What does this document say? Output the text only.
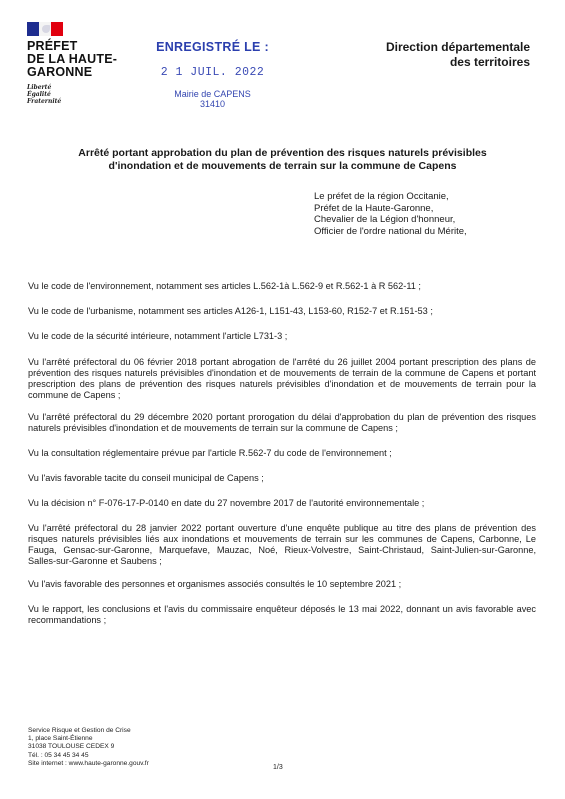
PRÉFET
DE LA HAUTE-
GARONNE
Liberté
Égalité
Fraternité
ENREGISTRÉ LE :
2 1 JUIL. 2022
Mairie de CAPENS
31410
Direction départementale
des territoires
Arrêté portant approbation du plan de prévention des risques naturels prévisibles
d'inondation et de mouvements de terrain sur la commune de Capens
Le préfet de la région Occitanie,
Préfet de la Haute-Garonne,
Chevalier de la Légion d'honneur,
Officier de l'ordre national du Mérite,

Vu le code de l'environnement, notamment ses articles L.562-1à L.562-9 et R.562-1 à R 562-11 ;

Vu le code de l'urbanisme, notamment ses articles A126-1, L151-43, L153-60, R152-7 et R.151-53 ;

Vu le code de la sécurité intérieure, notamment l'article L731-3 ;

Vu l'arrêté préfectoral du 06 février 2018 portant abrogation de l'arrêté du 26 juillet 2004 portant prescription des plans de prévention des risques naturels prévisibles d'inondation et de mouvements de terrain de la commune de Capens et portant prescription des plans de prévention des risques naturels prévisibles d'inondation et de mouvements de terrain pour la commune de Capens ;

Vu l'arrêté préfectoral du 29 décembre 2020 portant prorogation du délai d'approbation du plan de prévention des risques naturels prévisibles d'inondation et de mouvements de terrain sur la commune de Capens ;

Vu la consultation réglementaire prévue par l'article R.562-7 du code de l'environnement ;

Vu l'avis favorable tacite du conseil municipal de Capens ;

Vu la décision n° F-076-17-P-0140 en date du 27 novembre 2017 de l'autorité environnementale ;

Vu l'arrêté préfectoral du 28 janvier 2022 portant ouverture d'une enquête publique au titre des plans de prévention des risques naturels prévisibles liés aux inondations et mouvements de terrain sur les communes de Capens, Carbonne, Le Fauga, Gensac-sur-Garonne, Marquefave, Mauzac, Noé, Rieux-Volvestre, Saint-Christaud, Saint-Julien-sur-Garonne, Salles-sur-Garonne et Saubens ;

Vu l'avis favorable des personnes et organismes associés consultés le 10 septembre 2021 ;

Vu le rapport, les conclusions et l'avis du commissaire enquêteur déposés le 13 mai 2022, donnant un avis favorable avec recommandations ;

Service Risque et Gestion de Crise
1, place Saint-Étienne
31038 TOULOUSE CEDEX 9
Tél. : 05 34 45 34 45
Site internet : www.haute-garonne.gouv.fr
1/3
